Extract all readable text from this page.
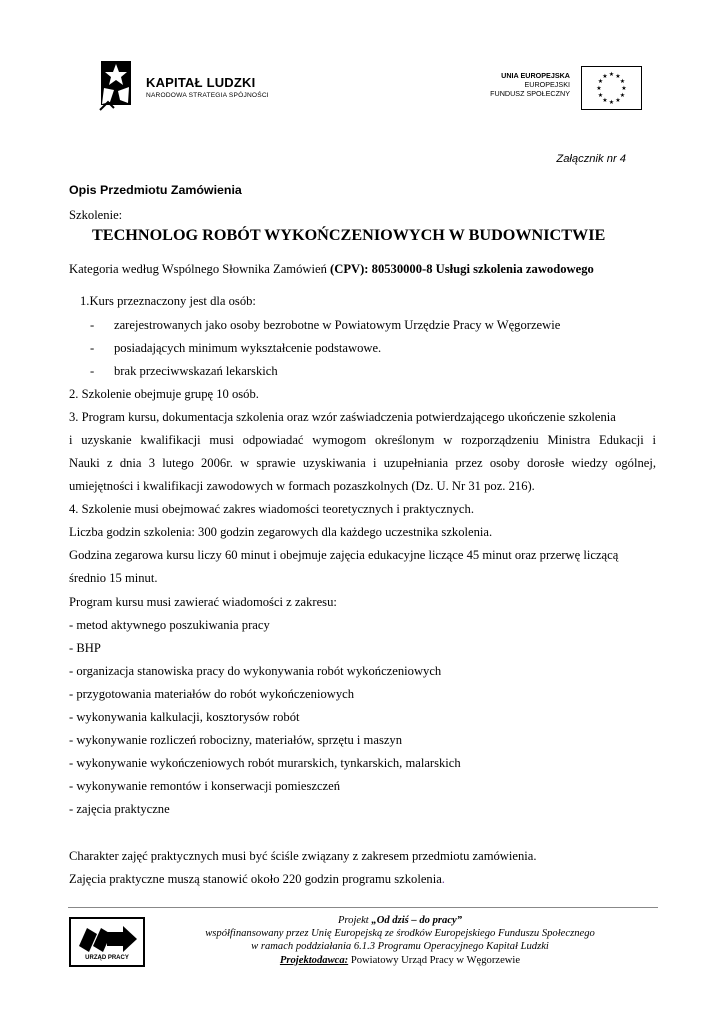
KAPITAŁ LUDZKI
NARODOWA STRATEGIA SPÓJNOŚCI
UNIA EUROPEJSKA
EUROPEJSKI
FUNDUSZ SPOŁECZNY
★ ★
★
★
★
★
★
★
★
★
★
★
Załącznik nr 4
Opis Przedmiotu Zamówienia
Szkolenie:
TECHNOLOG ROBÓT WYKOŃCZENIOWYCH W BUDOWNICTWIE
Kategoria według Wspólnego Słownika Zamówień (CPV): 80530000-8 Usługi szkolenia zawodowego
1.Kurs przeznaczony jest dla osób:
- zarejestrowanych jako osoby bezrobotne w Powiatowym Urzędzie Pracy w Węgorzewie
- posiadających minimum wykształcenie podstawowe.
- brak przeciwwskazań lekarskich
2. Szkolenie obejmuje grupę 10 osób.
3. Program kursu, dokumentacja szkolenia oraz wzór zaświadczenia potwierdzającego ukończenie szkolenia
i uzyskanie kwalifikacji musi odpowiadać wymogom określonym w rozporządzeniu Ministra Edukacji i
Nauki z dnia 3 lutego 2006r. w sprawie uzyskiwania i uzupełniania przez osoby dorosłe wiedzy ogólnej,
umiejętności i kwalifikacji zawodowych w formach pozaszkolnych (Dz. U. Nr 31 poz. 216).
4. Szkolenie musi obejmować zakres wiadomości teoretycznych i praktycznych.
Liczba godzin szkolenia: 300 godzin zegarowych dla każdego uczestnika szkolenia.
Godzina zegarowa kursu liczy 60 minut i obejmuje zajęcia edukacyjne liczące 45 minut oraz przerwę liczącą
średnio 15 minut.
Program kursu musi zawierać wiadomości z zakresu:
- metod aktywnego poszukiwania pracy
- BHP
- organizacja stanowiska pracy do wykonywania robót wykończeniowych
- przygotowania materiałów do robót wykończeniowych
- wykonywania kalkulacji, kosztorysów robót
- wykonywanie rozliczeń robocizny, materiałów, sprzętu i maszyn
- wykonywanie wykończeniowych robót murarskich, tynkarskich, malarskich
- wykonywanie remontów i konserwacji pomieszczeń
- zajęcia praktyczne
Charakter zajęć praktycznych musi być ściśle związany z zakresem przedmiotu zamówienia.
Zajęcia praktyczne muszą stanowić około 220 godzin programu szkolenia.
URZĄD PRACY
Projekt „Od dziś – do pracy”
współfinansowany przez Unię Europejską ze środków Europejskiego Funduszu Społecznego
w ramach poddziałania 6.1.3 Programu Operacyjnego Kapitał Ludzki
Projektodawca: Powiatowy Urząd Pracy w Węgorzewie
